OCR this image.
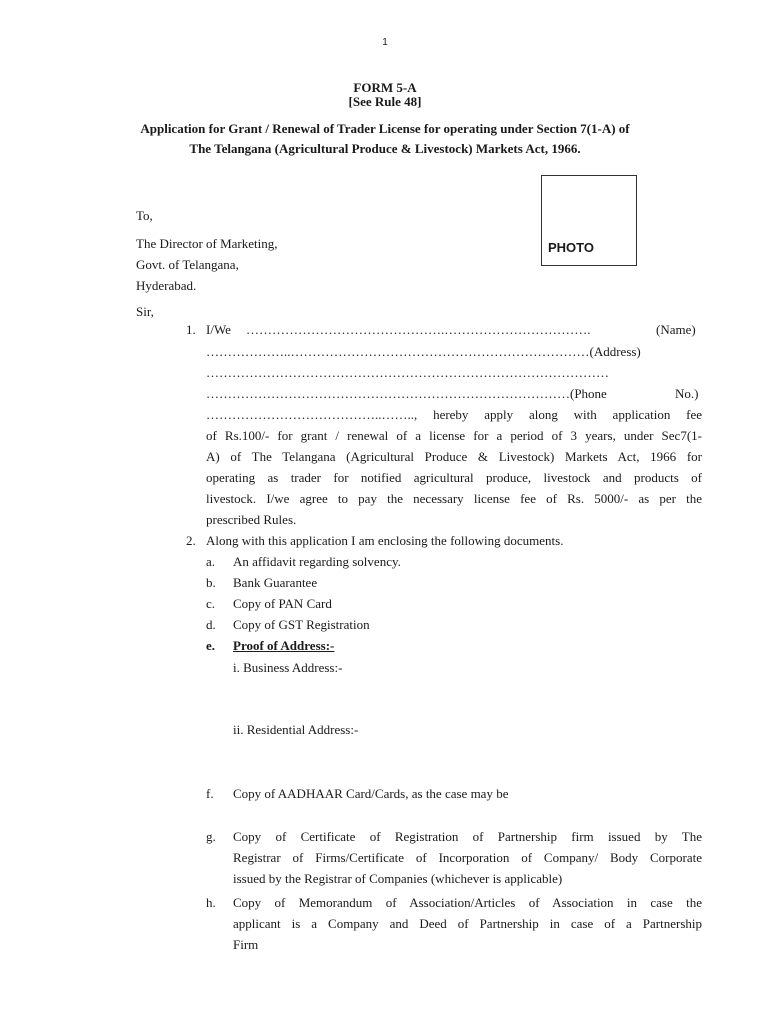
1
FORM 5-A
[See Rule 48]
Application for Grant / Renewal of Trader License for operating under Section 7(1-A) of
The Telangana (Agricultural Produce & Livestock) Markets Act, 1966.
PHOTO
To,
The Director of Marketing,
Govt. of Telangana,
Hyderabad.
Sir,
1. I/We ……………………………………….…………………………….	(Name)
………………..……………………………………………………………(Address)
…………………………………………………………………………………
…………………………………………………………………………(Phone	No.)
…………………………………..…….., hereby apply along with application fee
of Rs.100/- for grant / renewal of a license for a period of 3 years, under Sec7(1-
A) of The Telangana (Agricultural Produce & Livestock) Markets Act, 1966 for
operating as trader for notified agricultural produce, livestock and products of
livestock. I/we agree to pay the necessary license fee of Rs. 5000/- as per the
prescribed Rules.
2. Along with this application I am enclosing the following documents.
a. An affidavit regarding solvency.
b. Bank Guarantee
c. Copy of PAN Card
d. Copy of GST Registration
e. Proof of Address:-
i. Business Address:-
ii. Residential Address:-
f. Copy of AADHAAR Card/Cards, as the case may be
g. Copy of Certificate of Registration of Partnership firm issued by The
Registrar of Firms/Certificate of Incorporation of Company/ Body Corporate
issued by the Registrar of Companies (whichever is applicable)
h. Copy of Memorandum of Association/Articles of Association in case the
applicant is a Company and Deed of Partnership in case of a Partnership
Firm
